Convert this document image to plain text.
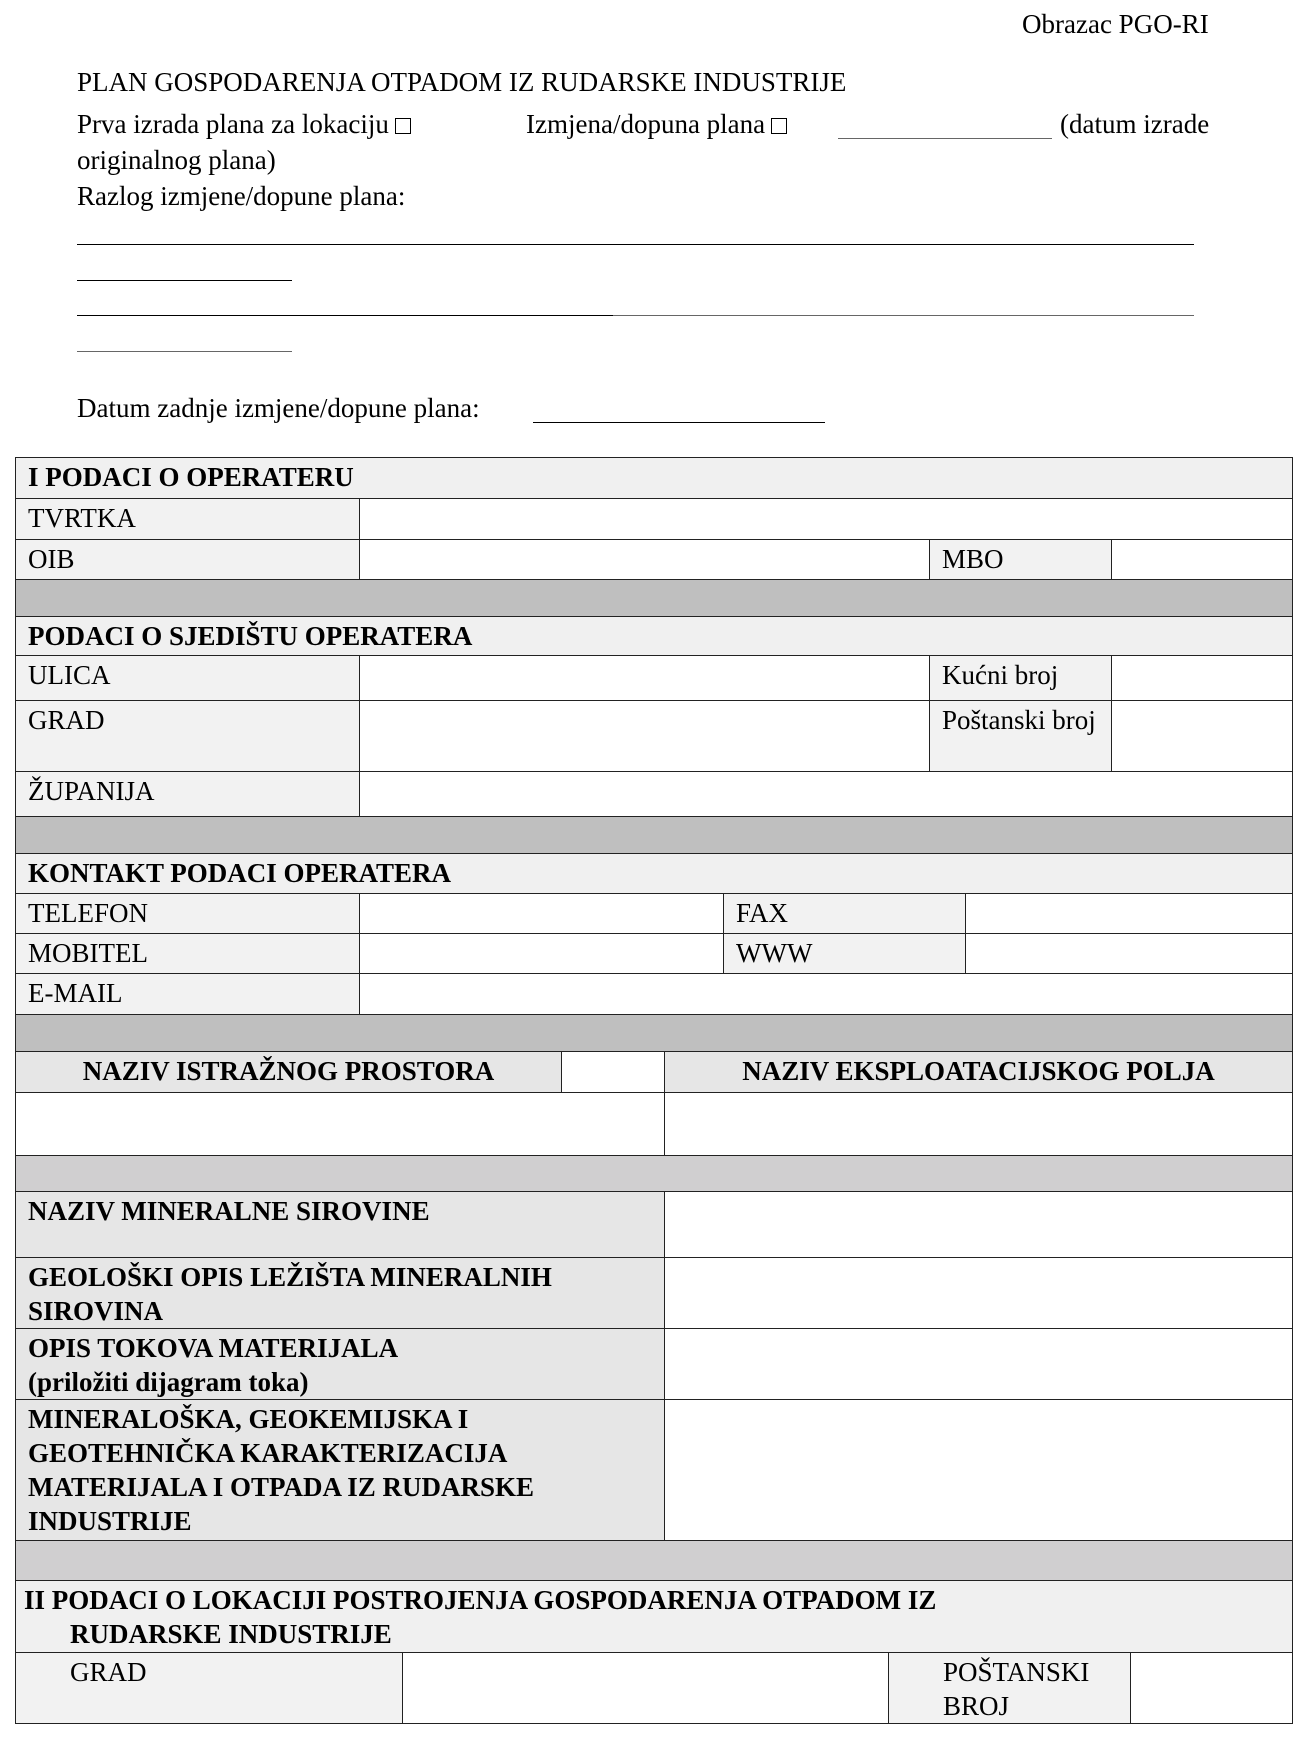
Obrazac PGO-RI
PLAN GOSPODARENJA OTPADOM IZ RUDARSKE INDUSTRIJE
Prva izrada plana za lokaciju	Izmjena/dopuna plana	(datum izrade
originalnog plana)
Razlog izmjene/dopune plana:
Datum zadnje izmjene/dopune plana:
I PODACI O OPERATERU
TVRTKA
OIB	MBO
PODACI O SJEDIŠTU OPERATERA
ULICA	Kućni broj
GRAD	Poštanski broj
ŽUPANIJA
KONTAKT PODACI OPERATERA
TELEFON	FAX
MOBITEL	WWW
E-MAIL
NAZIV ISTRAŽNOG PROSTORA	NAZIV EKSPLOATACIJSKOG POLJA
NAZIV MINERALNE SIROVINE
GEOLOŠKI OPIS LEŽIŠTA MINERALNIH SIROVINA
OPIS TOKOVA MATERIJALA
(priložiti dijagram toka)
MINERALOŠKA, GEOKEMIJSKA I GEOTEHNIČKA KARAKTERIZACIJA MATERIJALA I OTPADA IZ RUDARSKE INDUSTRIJE
II PODACI O LOKACIJI POSTROJENJA GOSPODARENJA OTPADOM IZ
RUDARSKE INDUSTRIJE
GRAD	POŠTANSKI BROJ
